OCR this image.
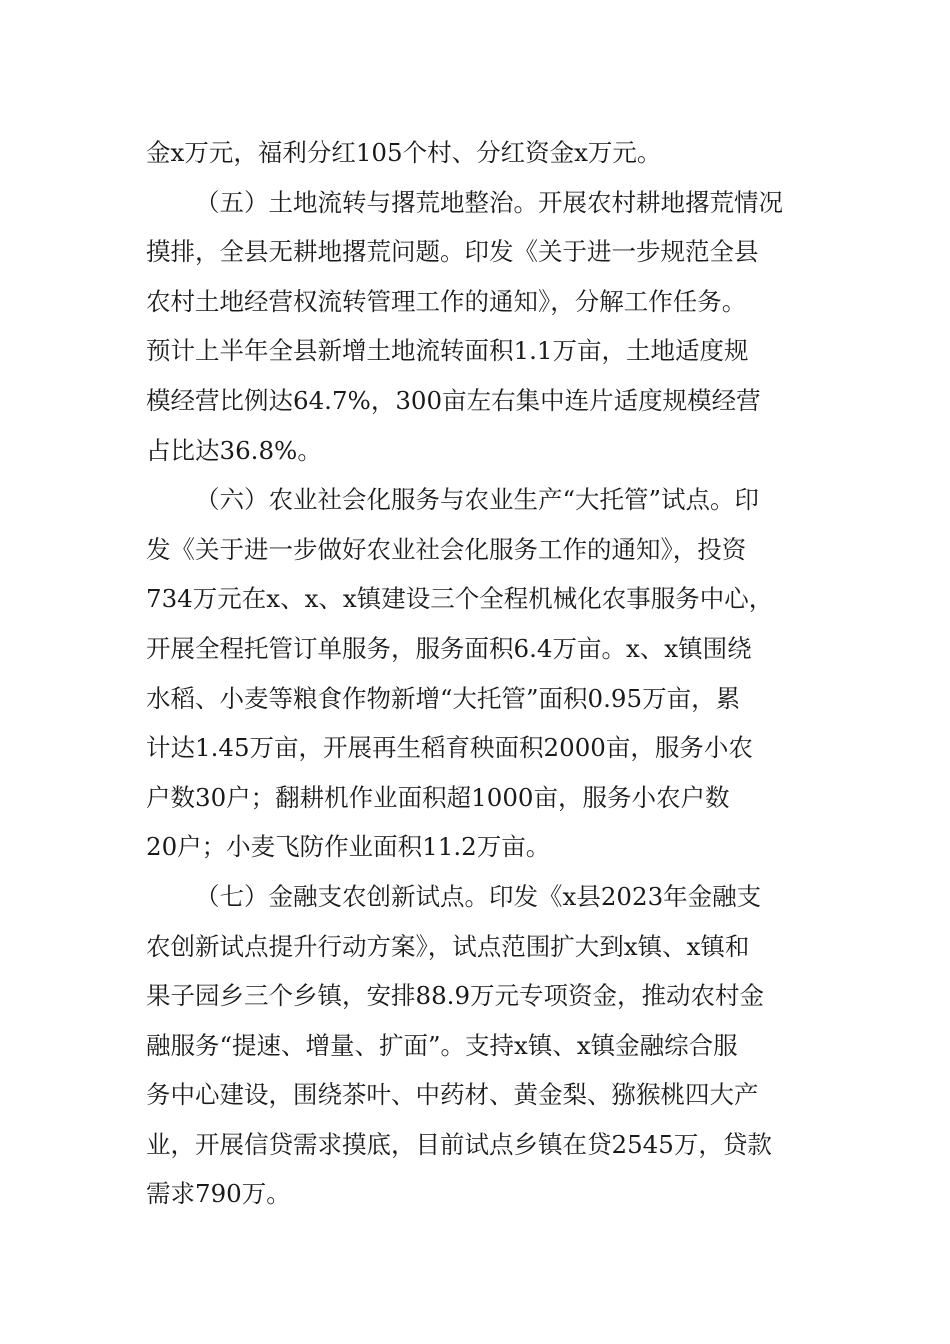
金x万元，福利分红105个村、分红资金x万元。
（五）土地流转与撂荒地整治。开展农村耕地撂荒情况
摸排，全县无耕地撂荒问题。印发《关于进一步规范全县
农村土地经营权流转管理工作的通知》，分解工作任务。
预计上半年全县新增土地流转面积1.1万亩，土地适度规
模经营比例达64.7%，300亩左右集中连片适度规模经营
占比达36.8%。
（六）农业社会化服务与农业生产“大托管”试点。印
发《关于进一步做好农业社会化服务工作的通知》，投资
734万元在x、x、x镇建设三个全程机械化农事服务中心，
开展全程托管订单服务，服务面积6.4万亩。x、x镇围绕
水稻、小麦等粮食作物新增“大托管”面积0.95万亩，累
计达1.45万亩，开展再生稻育秧面积2000亩，服务小农
户数30户；翻耕机作业面积超1000亩，服务小农户数
20户；小麦飞防作业面积11.2万亩。
（七）金融支农创新试点。印发《x县2023年金融支
农创新试点提升行动方案》，试点范围扩大到x镇、x镇和
果子园乡三个乡镇，安排88.9万元专项资金，推动农村金
融服务“提速、增量、扩面”。支持x镇、x镇金融综合服
务中心建设，围绕茶叶、中药材、黄金梨、猕猴桃四大产
业，开展信贷需求摸底，目前试点乡镇在贷2545万，贷款
需求790万。
